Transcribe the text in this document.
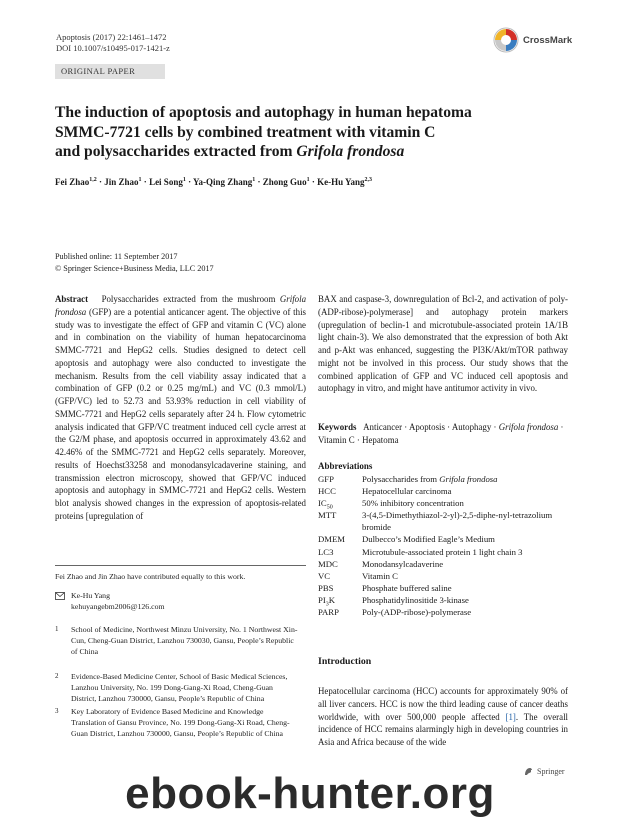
Apoptosis (2017) 22:1461–1472
DOI 10.1007/s10495-017-1421-z
CrossMark
ORIGINAL PAPER
The induction of apoptosis and autophagy in human hepatoma
SMMC-7721 cells by combined treatment with vitamin C
and polysaccharides extracted from Grifola frondosa
Fei Zhao$^{1,2}$ · Jin Zhao$^1$ · Lei Song$^1$ · Ya-Qing Zhang$^1$ · Zhong Guo$^1$ · Ke-Hu Yang$^{2,3}$
Published online: 11 September 2017
© Springer Science+Business Media, LLC 2017

Abstract Polysaccharides extracted from the mushroom Grifola frondosa (GFP) are a potential anticancer agent. The objective of this study was to investigate the effect of GFP and vitamin C (VC) alone and in combination on the viability of human hepatocarcinoma SMMC-7721 and HepG2 cells. Studies designed to detect cell apoptosis and autophagy were also conducted to investigate the mechanism. Results from the cell viability assay indicated that a combination of GFP (0.2 or 0.25 mg/mL) and VC (0.3 mmol/L) (GFP/VC) led to 52.73 and 53.93% reduction in cell viability of SMMC-7721 and HepG2 cells separately after 24 h. Flow cytometric analysis indicated that GFP/VC treatment induced cell cycle arrest at the G2/M phase, and apoptosis occurred in approximately 43.62 and 42.46% of the SMMC-7721 and HepG2 cells separately. Moreover, results of Hoechst33258 and monodansylcadaverine staining, and transmission electron microscopy, showed that GFP/VC induced apoptosis and autophagy in SMMC-7721 and HepG2 cells. Western blot analysis showed changes in the expression of apoptosis-related proteins [upregulation of

BAX and caspase-3, downregulation of Bcl-2, and activation of poly-(ADP-ribose)-polymerase] and autophagy protein markers (upregulation of beclin-1 and microtubule-associated protein 1A/1B light chain-3). We also demonstrated that the expression of both Akt and p-Akt was enhanced, suggesting the PI3K/Akt/mTOR pathway might not be involved in this process. Our study shows that the combined application of GFP and VC induced cell apoptosis and autophagy in vitro, and might have antitumor activity in vivo.

Keywords Anticancer · Apoptosis · Autophagy · Grifola frondosa · Vitamin C · Hepatoma
Abbreviations
GFP	Polysaccharides from Grifola frondosa
HCC	Hepatocellular carcinoma
$IC_{50}$	50% inhibitory concentration
MTT	3-(4,5-Dimethythiazol-2-yl)-2,5-diphe-nyl-tetrazolium bromide
DMEM	Dulbecco’s Modified Eagle’s Medium
LC3	Microtubule-associated protein 1 light chain 3
MDC	Monodansylcadaverine
VC	Vitamin C
PBS	Phosphate buffered saline
$PI_3K$	Phosphatidylinositide 3-kinase
PARP	Poly-(ADP-ribose)-polymerase
Introduction

Hepatocellular carcinoma (HCC) accounts for approximately 90% of all liver cancers. HCC is now the third leading cause of cancer deaths worldwide, with over 500,000 people affected [1]. The overall incidence of HCC remains alarmingly high in developing countries in Asia and Africa because of the wide

Fei Zhao and Jin Zhao have contributed equally to this work.
Ke-Hu Yang
kehuyangebm2006@126.com
1	School of Medicine, Northwest Minzu University, No. 1 Northwest Xin-Cun, Cheng-Guan District, Lanzhou 730030, Gansu, People’s Republic of China
2	Evidence-Based Medicine Center, School of Basic Medical Sciences, Lanzhou University, No. 199 Dong-Gang-Xi Road, Cheng-Guan District, Lanzhou 730000, Gansu, People’s Republic of China
3	Key Laboratory of Evidence Based Medicine and Knowledge Translation of Gansu Province, No. 199 Dong-Gang-Xi Road, Cheng-Guan District, Lanzhou 730000, Gansu, People’s Republic of China
Springer
ebook-hunter.org
